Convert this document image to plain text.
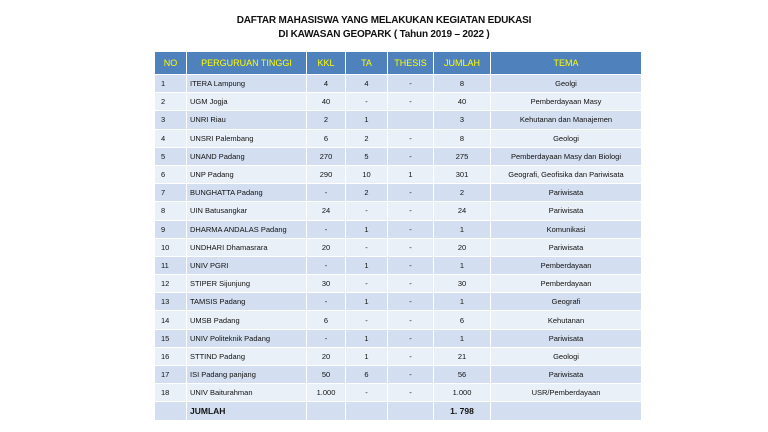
DAFTAR MAHASISWA YANG MELAKUKAN KEGIATAN EDUKASI
DI KAWASAN GEOPARK ( Tahun 2019 – 2022 )
NO	PERGURUAN TINGGI	KKL	TA	THESIS	JUMLAH	TEMA
1	ITERA Lampung	4	4	-	8	Geolgi
2	UGM Jogja	40	-	-	40	Pemberdayaan Masy
3	UNRI Riau	2	1		3	Kehutanan dan Manajemen
4	UNSRI Palembang	6	2	-	8	Geologi
5	UNAND Padang	270	5	-	275	Pemberdayaan Masy dan Biologi
6	UNP Padang	290	10	1	301	Geografi, Geofisika dan Pariwisata
7	BUNGHATTA Padang	-	2	-	2	Pariwisata
8	UIN Batusangkar	24	-	-	24	Pariwisata
9	DHARMA ANDALAS Padang	-	1	-	1	Komunikasi
10	UNDHARI Dhamasrara	20	-	-	20	Pariwisata
11	UNIV PGRI	-	1	-	1	Pemberdayaan
12	STIPER Sijunjung	30	-	-	30	Pemberdayaan
13	TAMSIS Padang	-	1	-	1	Geografi
14	UMSB Padang	6	-	-	6	Kehutanan
15	UNIV Politeknik Padang	-	1	-	1	Pariwisata
16	STTIND Padang	20	1	-	21	Geologi
17	ISI Padang panjang	50	6	-	56	Pariwisata
18	UNIV Baiturahman	1.000	-	-	1.000	USR/Pemberdayaan
	JUMLAH				1. 798	
